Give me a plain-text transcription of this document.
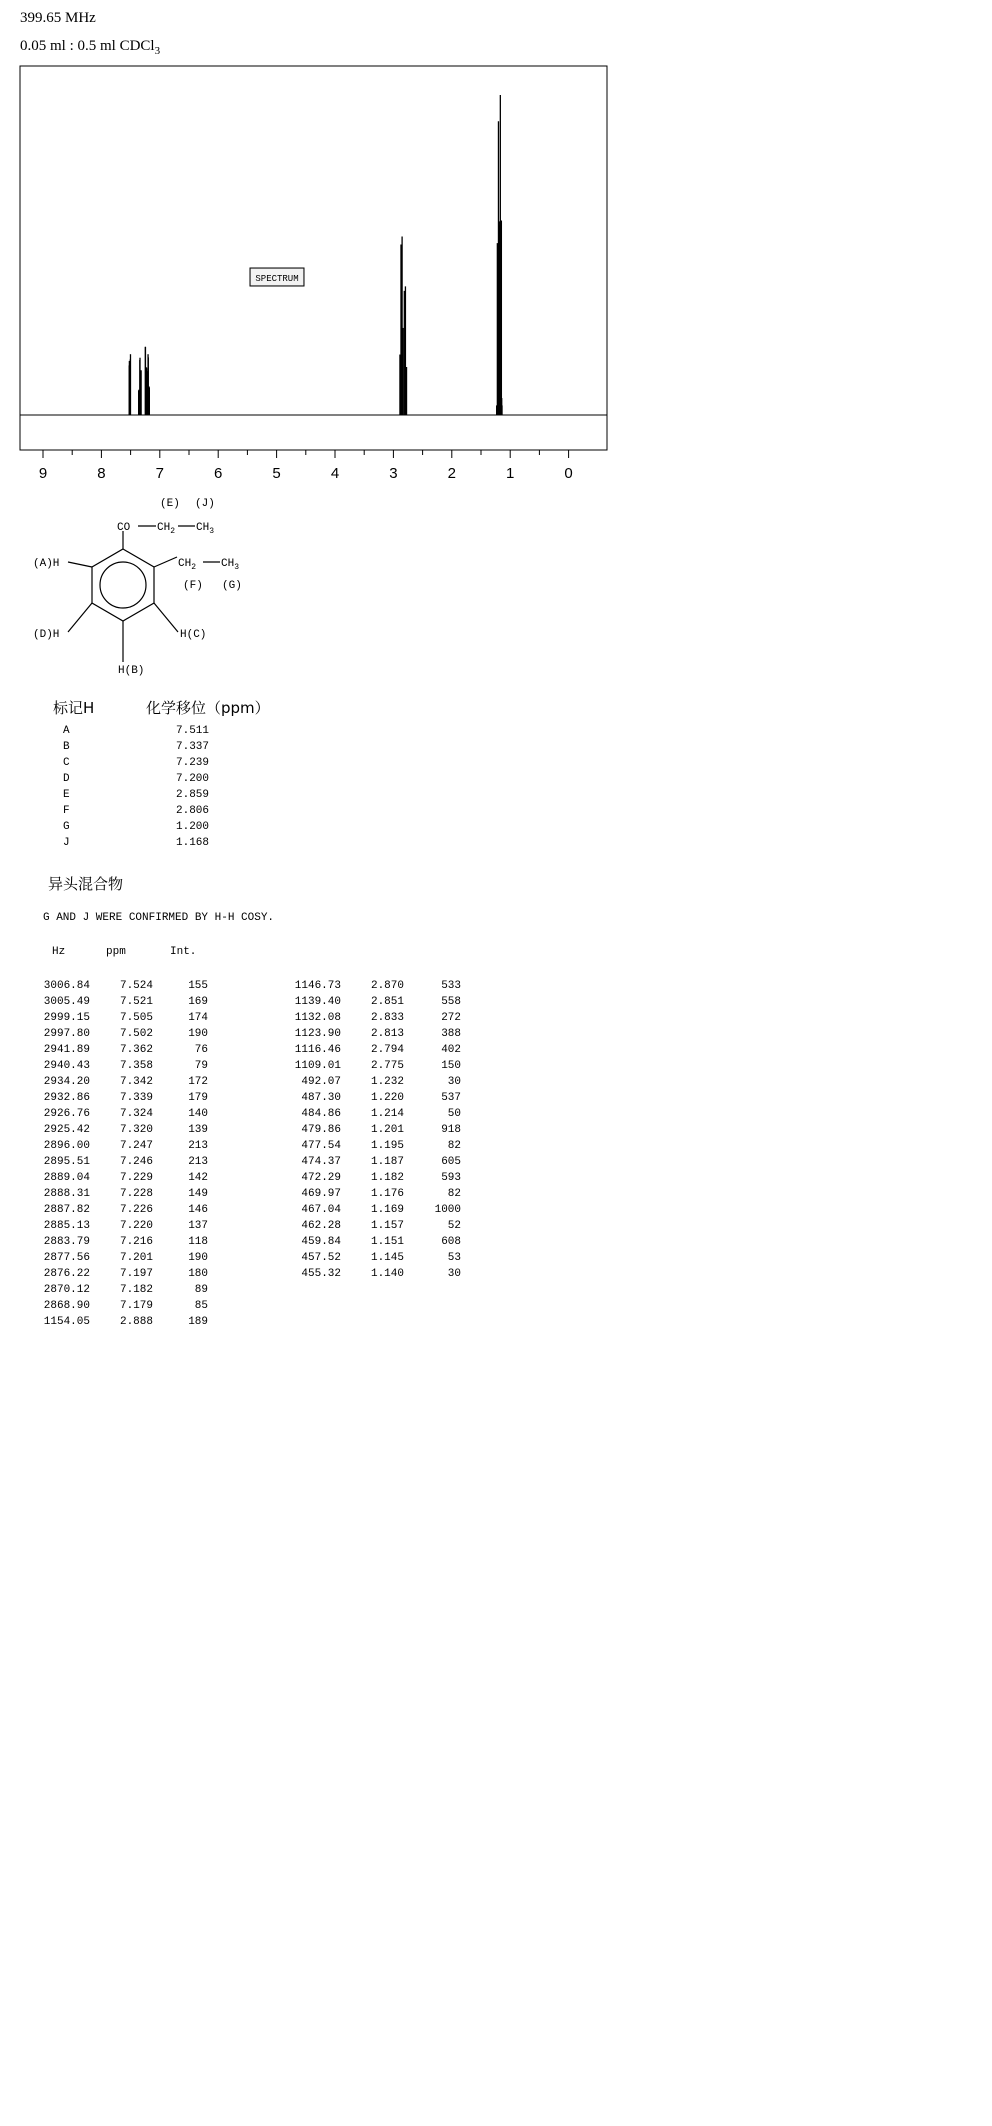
399.65 MHz
0.05 ml : 0.5 ml CDCl$_3$
9	8	7	6	5	4	3	2	1	0
SPECTRUM
(E) (J)
CO $CH_2$ $CH_3$
(A)H	$CH_2$ $CH_3$
(F) (G)
(D)H	H(C)
H(B)
标记H	化学移位（ppm）
A	7.511
B	7.337
C	7.239
D	7.200
E	2.859
F	2.806
G	1.200
J	1.168
异头混合物
G AND J WERE CONFIRMED BY H-H COSY.
Hz	ppm	Int.
3006.84	7.524	155
3005.49	7.521	169
2999.15	7.505	174
2997.80	7.502	190
2941.89	7.362	76
2940.43	7.358	79
2934.20	7.342	172
2932.86	7.339	179
2926.76	7.324	140
2925.42	7.320	139
2896.00	7.247	213
2895.51	7.246	213
2889.04	7.229	142
2888.31	7.228	149
2887.82	7.226	146
2885.13	7.220	137
2883.79	7.216	118
2877.56	7.201	190
2876.22	7.197	180
2870.12	7.182	89
2868.90	7.179	85
1154.05	2.888	189
1146.73	2.870	533
1139.40	2.851	558
1132.08	2.833	272
1123.90	2.813	388
1116.46	2.794	402
1109.01	2.775	150
492.07	1.232	30
487.30	1.220	537
484.86	1.214	50
479.86	1.201	918
477.54	1.195	82
474.37	1.187	605
472.29	1.182	593
469.97	1.176	82
467.04	1.169	1000
462.28	1.157	52
459.84	1.151	608
457.52	1.145	53
455.32	1.140	30
